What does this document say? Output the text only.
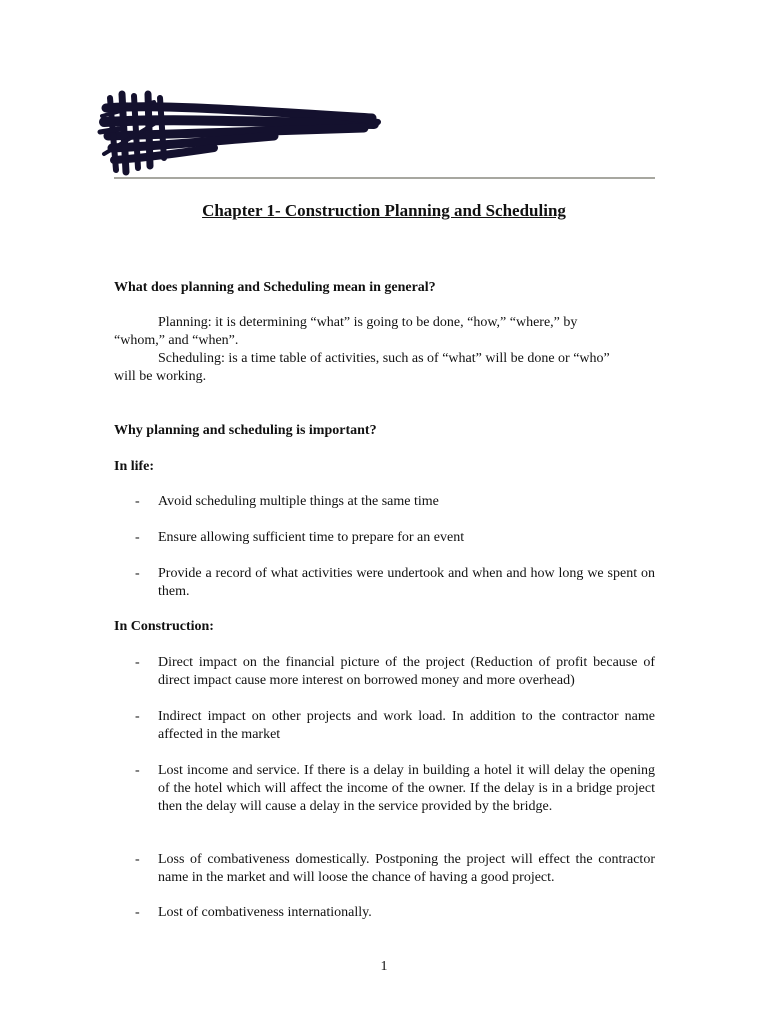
Chapter 1- Construction Planning and Scheduling
What does planning and Scheduling mean in general?
Planning: it is determining “what” is going to be done, “how,” “where,” by
“whom,” and “when”.
Scheduling: is a time table of activities, such as of “what” will be done or “who”
will be working.
Why planning and scheduling is important?
In life:
- Avoid scheduling multiple things at the same time
- Ensure allowing sufficient time to prepare for an event
- Provide a record of what activities were undertook and when and how long we spent on them.
In Construction:
- Direct impact on the financial picture of the project (Reduction of profit because of direct impact cause more interest on borrowed money and more overhead)
- Indirect impact on other projects and work load. In addition to the contractor name affected in the market
- Lost income and service. If there is a delay in building a hotel it will delay the opening of the hotel which will affect the income of the owner. If the delay is in a bridge project then the delay will cause a delay in the service provided by the bridge.
- Loss of combativeness domestically. Postponing the project will effect the contractor name in the market and will loose the chance of having a good project.
- Lost of combativeness internationally.
1
